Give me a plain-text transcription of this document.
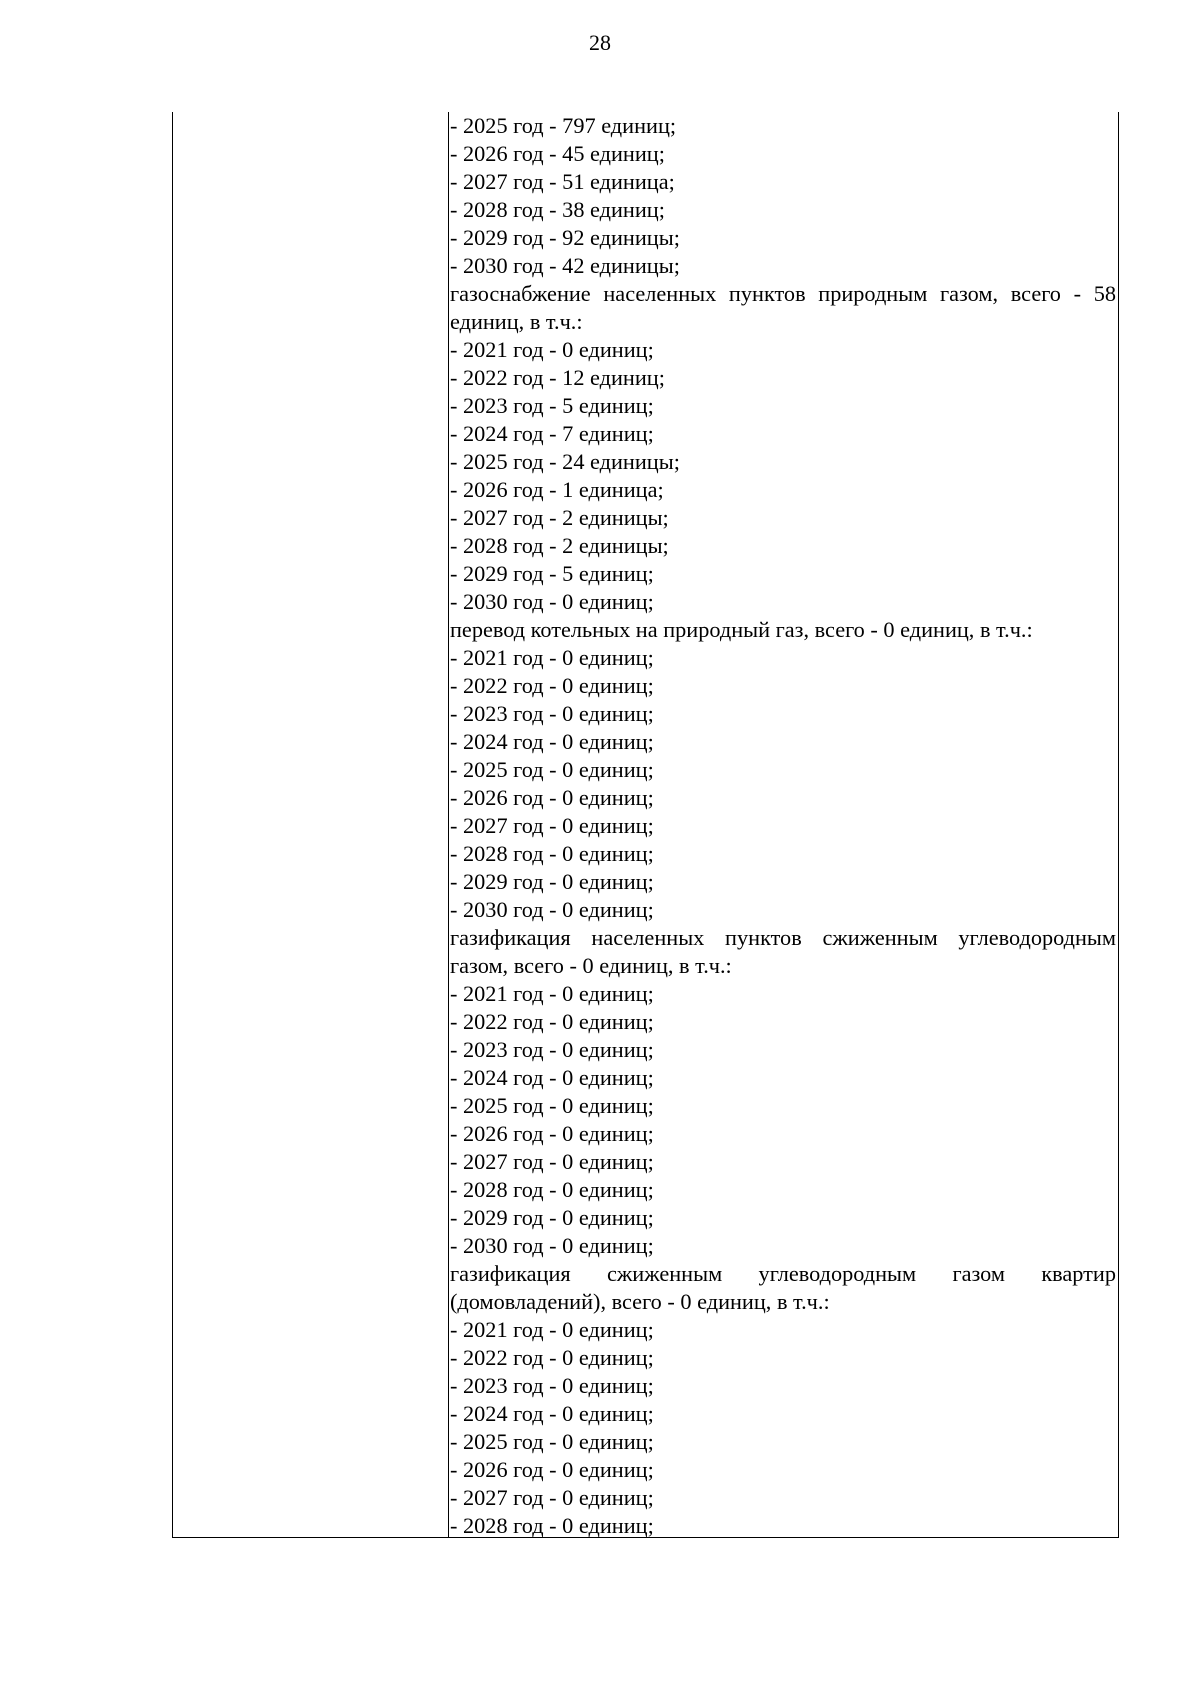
28
- 2025 год - 797 единиц;
- 2026 год - 45 единиц;
- 2027 год - 51 единица;
- 2028 год - 38 единиц;
- 2029 год - 92 единицы;
- 2030 год - 42 единицы;
газоснабжение населенных пунктов природным газом, всего - 58
единиц, в т.ч.:
- 2021 год - 0 единиц;
- 2022 год - 12 единиц;
- 2023 год - 5 единиц;
- 2024 год - 7 единиц;
- 2025 год - 24 единицы;
- 2026 год - 1 единица;
- 2027 год - 2 единицы;
- 2028 год - 2 единицы;
- 2029 год - 5 единиц;
- 2030 год - 0 единиц;
перевод котельных на природный газ, всего - 0 единиц, в т.ч.:
- 2021 год - 0 единиц;
- 2022 год - 0 единиц;
- 2023 год - 0 единиц;
- 2024 год - 0 единиц;
- 2025 год - 0 единиц;
- 2026 год - 0 единиц;
- 2027 год - 0 единиц;
- 2028 год - 0 единиц;
- 2029 год - 0 единиц;
- 2030 год - 0 единиц;
газификация населенных пунктов сжиженным углеводородным
газом, всего - 0 единиц, в т.ч.:
- 2021 год - 0 единиц;
- 2022 год - 0 единиц;
- 2023 год - 0 единиц;
- 2024 год - 0 единиц;
- 2025 год - 0 единиц;
- 2026 год - 0 единиц;
- 2027 год - 0 единиц;
- 2028 год - 0 единиц;
- 2029 год - 0 единиц;
- 2030 год - 0 единиц;
газификация сжиженным углеводородным газом квартир
(домовладений), всего - 0 единиц, в т.ч.:
- 2021 год - 0 единиц;
- 2022 год - 0 единиц;
- 2023 год - 0 единиц;
- 2024 год - 0 единиц;
- 2025 год - 0 единиц;
- 2026 год - 0 единиц;
- 2027 год - 0 единиц;
- 2028 год - 0 единиц;
